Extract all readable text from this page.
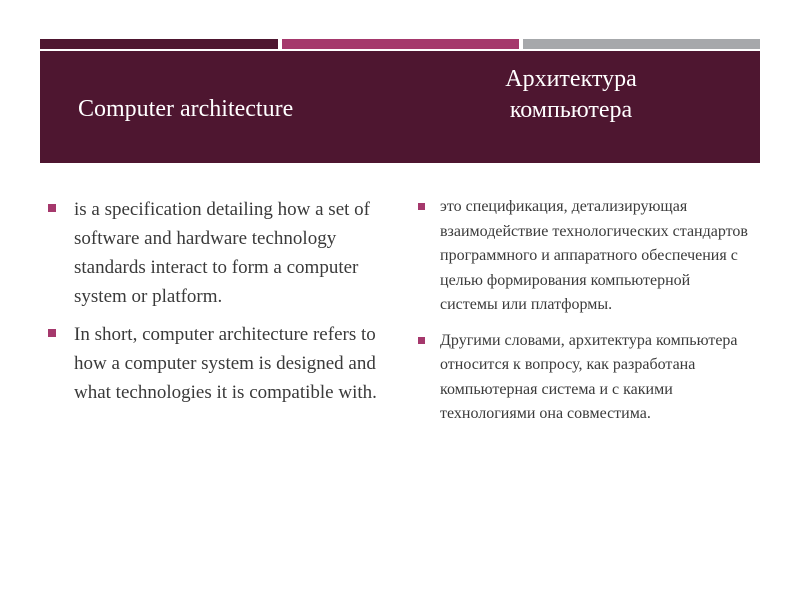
Computer architecture
Архитектура компьютера
is a specification detailing how a set of software and hardware technology standards interact to form a computer system or platform.
In short, computer architecture refers to how a computer system is designed and what technologies it is compatible with.
это спецификация, детализирующая взаимодействие технологических стандартов программного и аппаратного обеспечения с целью формирования компьютерной системы или платформы.
Другими словами, архитектура компьютера относится к вопросу, как разработана компьютерная система и с какими технологиями она совместима.
